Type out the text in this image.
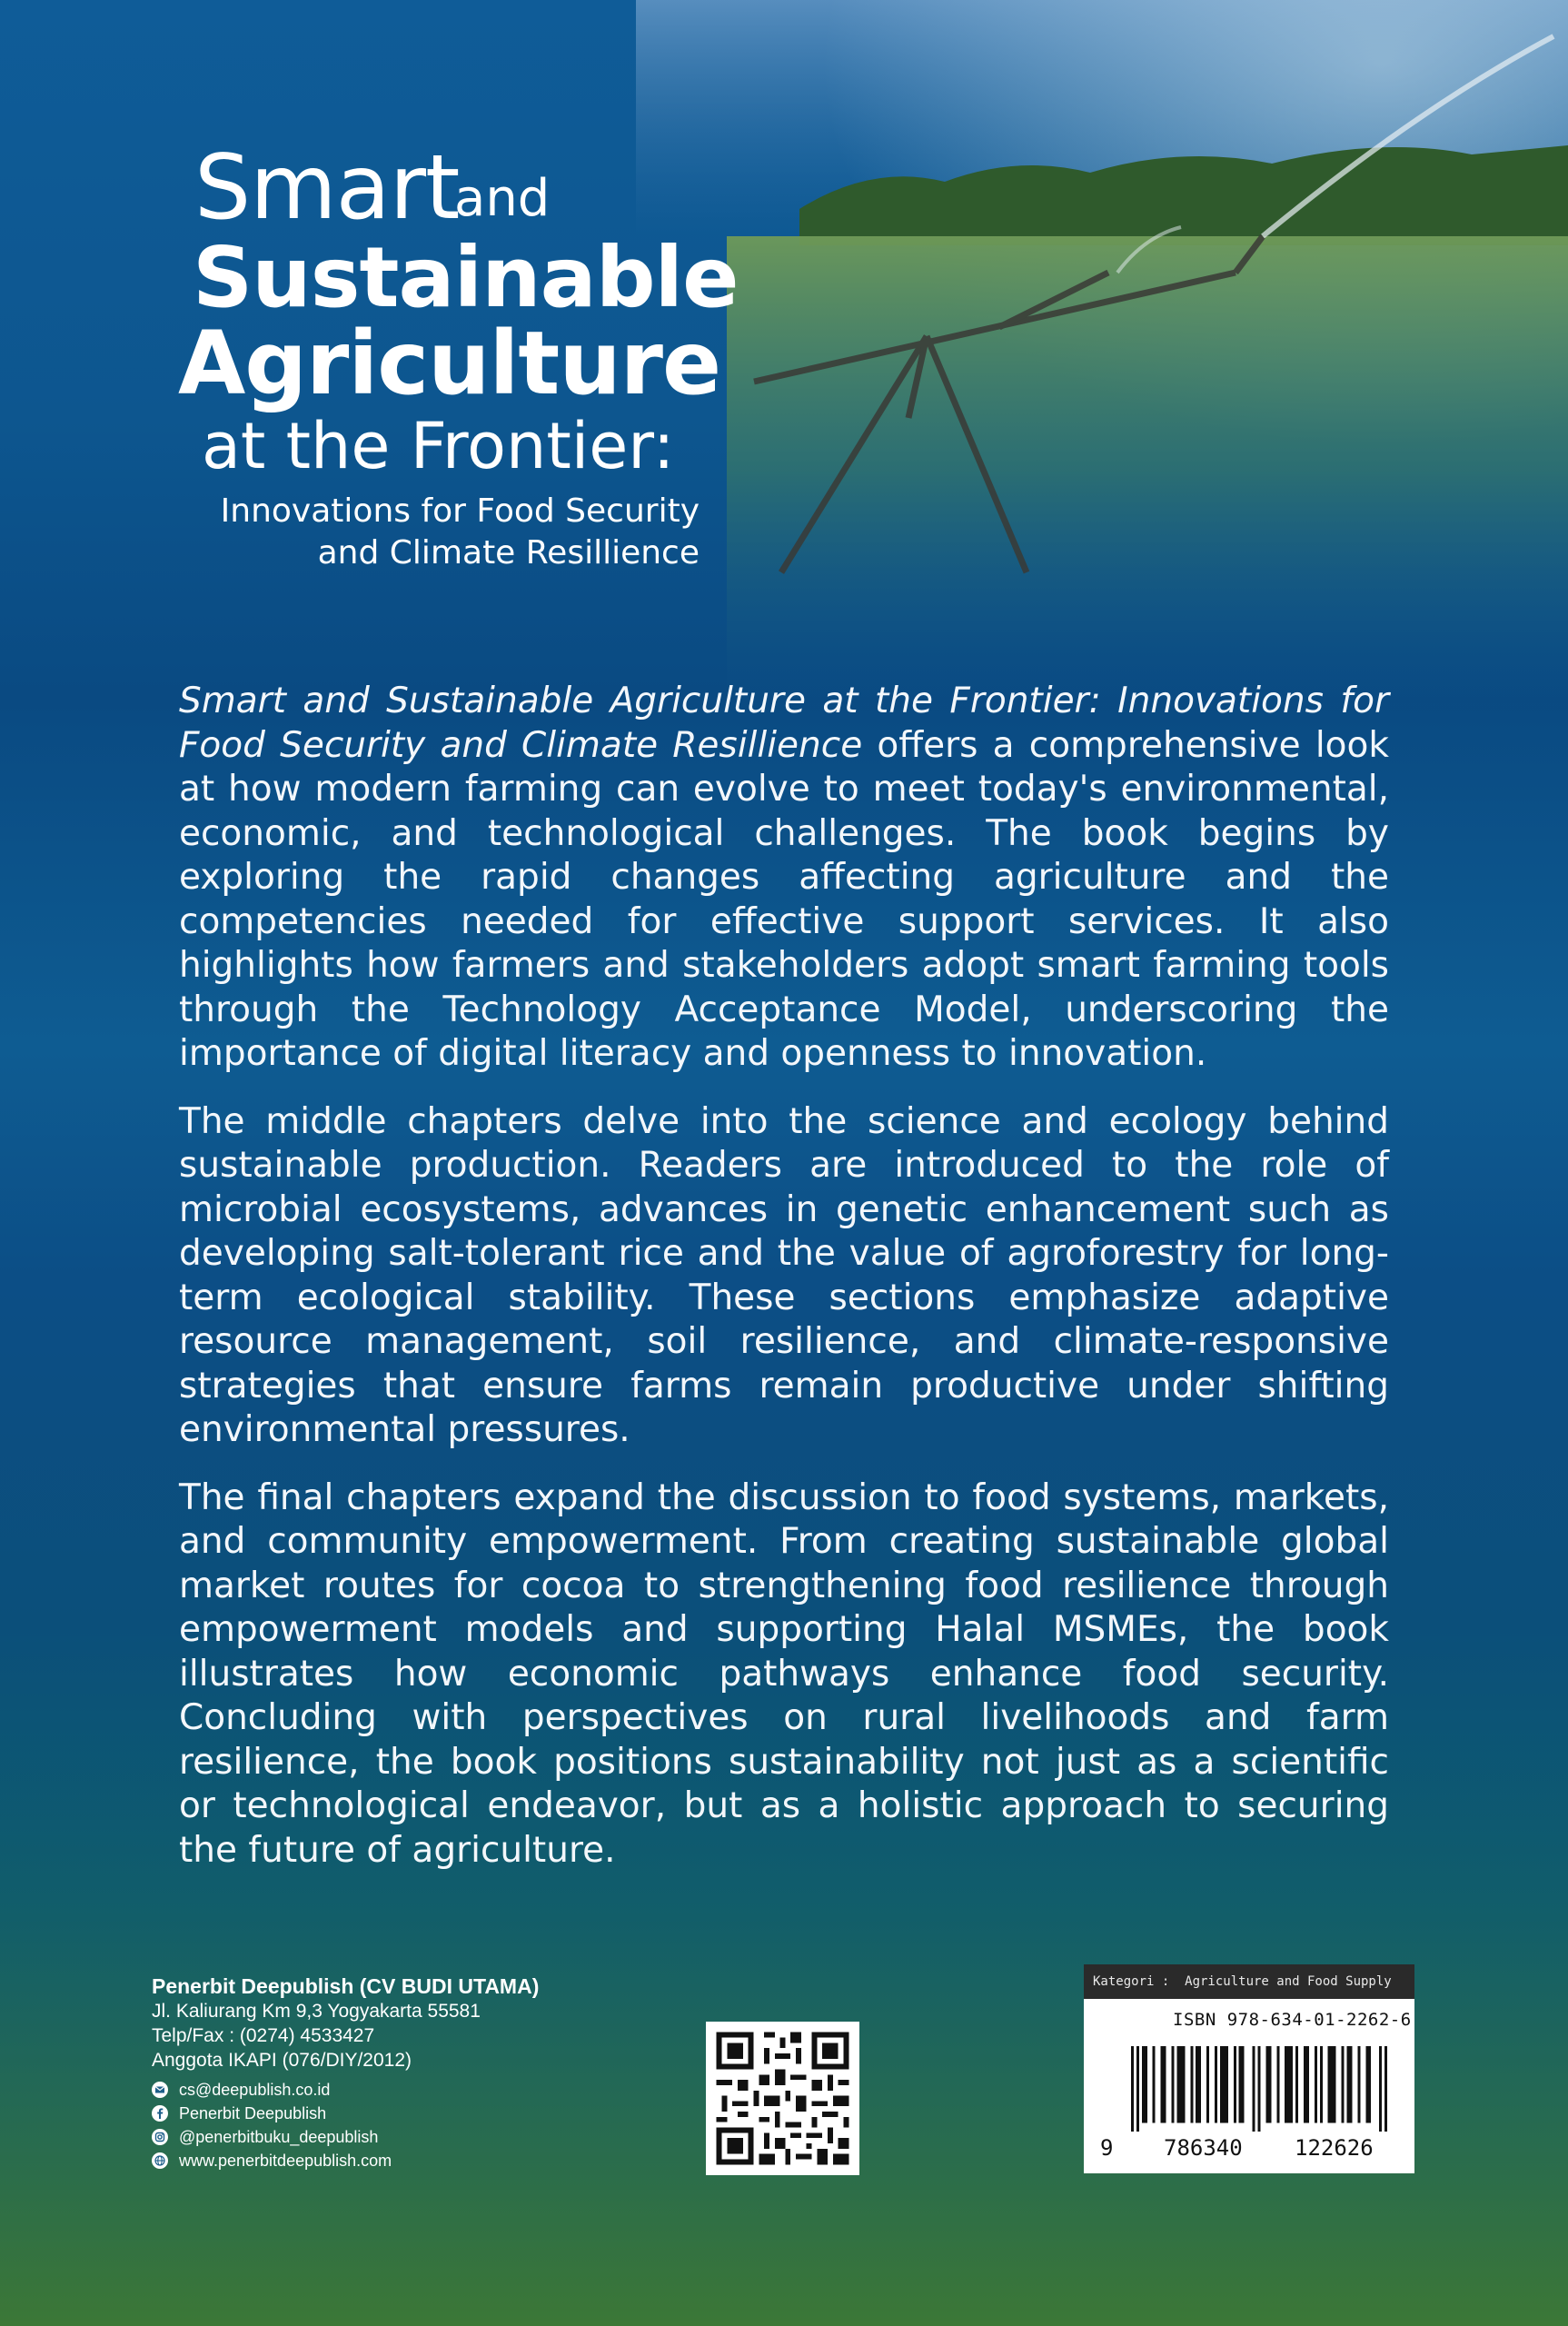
Smart
and
Sustainable
Agriculture
at the Frontier:
Innovations for Food Security
and Climate Resillience

Smart and Sustainable Agriculture at the Frontier: Innovations for Food Security and Climate Resillience offers a comprehensive look at how modern farming can evolve to meet today's environmental, economic, and technological challenges. The book begins by exploring the rapid changes affecting agriculture and the competencies needed for effective support services. It also highlights how farmers and stakeholders adopt smart farming tools through the Technology Acceptance Model, underscoring the importance of digital literacy and openness to innovation.

The middle chapters delve into the science and ecology behind sustainable production. Readers are introduced to the role of microbial ecosystems, advances in genetic enhancement such as developing salt-tolerant rice and the value of agroforestry for long-term ecological stability. These sections emphasize adaptive resource management, soil resilience, and climate-responsive strategies that ensure farms remain productive under shifting environmental pressures.

The final chapters expand the discussion to food systems, markets, and community empowerment. From creating sustainable global market routes for cocoa to strengthening food resilience through empowerment models and supporting Halal MSMEs, the book illustrates how economic pathways enhance food security. Concluding with perspectives on rural livelihoods and farm resilience, the book positions sustainability not just as a scientific or technological endeavor, but as a holistic approach to securing the future of agriculture.

Penerbit Deepublish (CV BUDI UTAMA)
Jl. Kaliurang Km 9,3 Yogyakarta 55581
Telp/Fax : (0274) 4533427
Anggota IKAPI (076/DIY/2012)
cs@deepublish.co.id
Penerbit Deepublish
@penerbitbuku_deepublish
www.penerbitdeepublish.com
Kategori :  Agriculture and Food Supply
ISBN 978-634-01-2262-6
9 786340 122626
